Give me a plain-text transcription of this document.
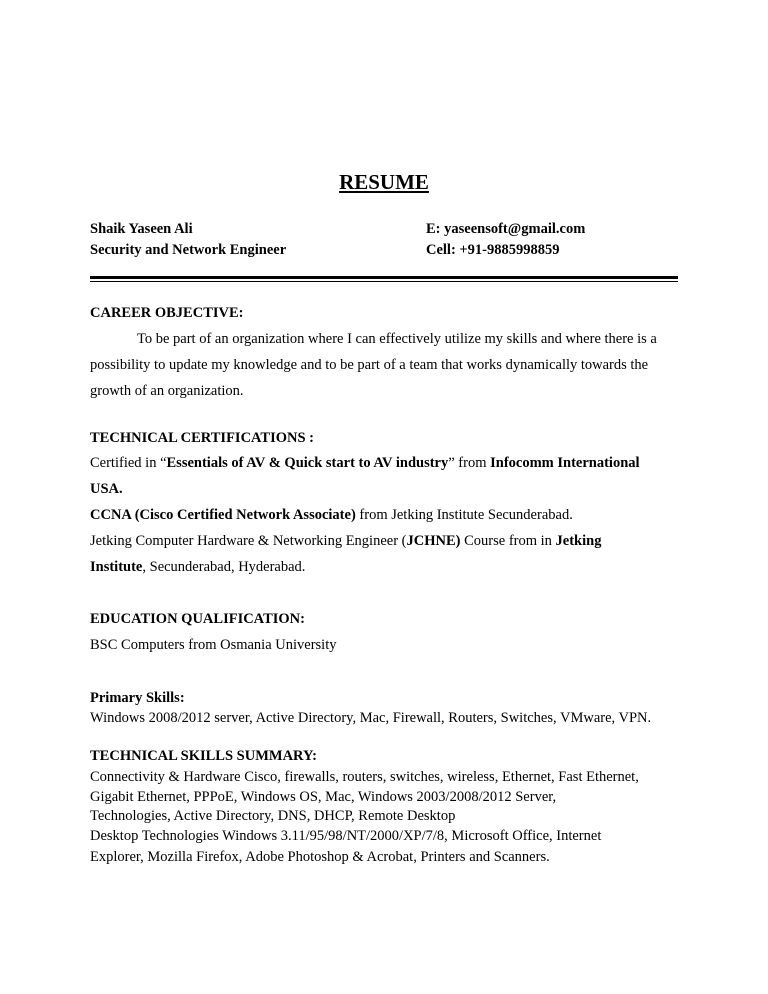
RESUME
Shaik Yaseen Ali
Security and Network Engineer
E: yaseensoft@gmail.com
Cell: +91-9885998859
CAREER OBJECTIVE:
To be part of an organization where I can effectively utilize my skills and where there is a
possibility to update my knowledge and to be part of a team that works dynamically towards the
growth of an organization.
TECHNICAL CERTIFICATIONS :
Certified in “Essentials of AV & Quick start to AV industry” from Infocomm International
USA.
CCNA (Cisco Certified Network Associate) from Jetking Institute Secunderabad.
Jetking Computer Hardware & Networking Engineer (JCHNE) Course from in Jetking
Institute, Secunderabad, Hyderabad.
EDUCATION QUALIFICATION:
BSC Computers from Osmania University
Primary Skills:
Windows 2008/2012 server, Active Directory, Mac, Firewall, Routers, Switches, VMware, VPN.
TECHNICAL SKILLS SUMMARY:
Connectivity & Hardware Cisco, firewalls, routers, switches, wireless, Ethernet, Fast Ethernet,
Gigabit Ethernet, PPPoE, Windows OS, Mac, Windows 2003/2008/2012 Server,
Technologies, Active Directory, DNS, DHCP, Remote Desktop
Desktop Technologies Windows 3.11/95/98/NT/2000/XP/7/8, Microsoft Office, Internet
Explorer, Mozilla Firefox, Adobe Photoshop & Acrobat, Printers and Scanners.
